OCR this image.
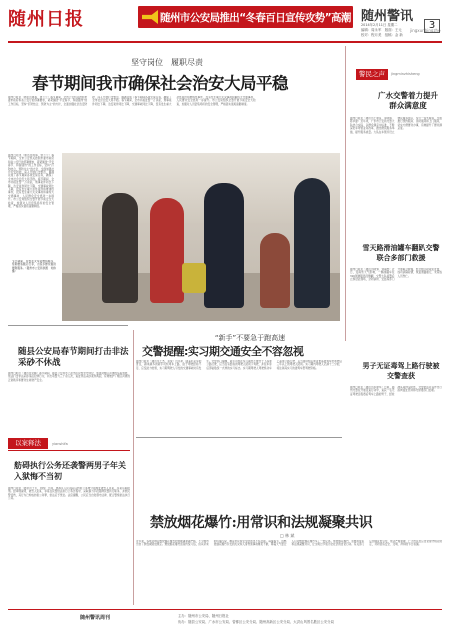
随州日报	随州市公安局推出“冬春百日宣传攻势”高潮 随州警讯
jingxunbingzhe
2014年2月11日 星期二
编辑：周永军　版面：王元
校对：程月美　组稿：金 新
3
坚守岗位　履职尽责
春节期间我市确保社会治安大局平稳
随州日报讯（通讯员周承、曾兰兰）春节期间，全市公安机关按照市委市政府和省公安厅的部署要求，紧紧围绕“平安春节、和谐随州”的工作目标，坚持“打防结合、预防为主”的方针，全面加强社会治安防控，深入开展打击整治，圆满完成了春节期间各项安保任务，确保了全市社会治安大局平稳。春节期间，全市共接处警一万余起，刑事案件同比下降，治安案件同比下降，交通事故同比下降，没有发生重大恶性案件和群体性事件，没有发生重大火灾事故和重特大交通事故，人民群众安全感进一步提升。市公安局组织全警开展节前安全大检查，加强对人员密集场所的安全管理，严格落实值班备勤制度。
随州日报讯（通讯员周承、曾兰兰）春节期间，全市公安机关按照市委市政府和省公安厅的部署要求，紧紧围绕“平安春节、和谐随州”的工作目标，坚持“打防结合、预防为主”的方针，全面加强社会治安防控，深入开展打击整治，圆满完成了春节期间各项安保任务，确保了全市社会治安大局平稳。春节期间，全市共接处警一万余起，刑事案件同比下降，治安案件同比下降，交通事故同比下降，没有发生重大恶性案件和群体性事件，没有发生重大火灾事故和重特大交通事故，人民群众安全感进一步提升。市公安局组织全警开展节前安全大检查，加强对人员密集场所的安全管理，严格落实值班备勤制度。
节日期间，民警在火车站维持秩序，帮助旅客搬运行李，为返乡群众提供便利服务。（随州市公安局供图　刘伟 摄）
随县公安局春节期间打击非法采砂不休战
随州日报讯（通讯员吴静）春节期间，随县公安局水上派出所民警坚守岗位，加强对辖区河道的巡查管控，依法打击非法采砂违法犯罪行为，共出动警力三十余人次，查处非法采砂案件两起，有效维护了辖区河道的正常秩序和群众生命财产安全。
“新手”不要急于跑高速
交警提醒:实习期交通安全不容忽视
随州日报讯（通讯员王杰、李成）近年来，随着私家车的普及，越来越多的新手司机驾车上路，由于驾驶经验不足、应变能力较弱，实习期驾驶人引发的交通事故时有发生。交警部门提醒，新手司机在实习期内不要急于上高速公路行驶，应当在有经验的驾驶人陪同下驾驶，并在车身后部粘贴统一式样的实习标志。实习期驾驶人驾驶机动车上高速公路行驶，应当由持相应或者更高准驾车型驾驶证三年以上的驾驶人陪同。实习期内驾驶人记满十二分的，将注销其实习的准驾车型驾驶资格。
警民之声	jingminzhisheng
广水交警着力提升群众满意度
随州日报讯（通讯员王唐良、李明辉、陈华建）近年来，广水市公安局交警大队结合实际，以群众满意为标准，不断深化车驾管业务改革，推出便民服务举措，提升服务质量。大队在车管所设立便民服务窗口，实行一站式服务，全面推行预约服务、延时服务和上门服务，切实方便群众办事，有效提升了群众满意度。
雪天路滑油罐车翻趴交警联合多部门救援
随州日报讯（通讯员明黎、刘丽姣）近日，受雨雪天气影响，一辆油罐车在316国道随县段侧翻，交警大队接警后立即赶赴现场，会同消防、安监等部门开展联合救援，经过数小时紧张处置，成功消除险情，恢复道路通行，未造成人员伤亡。
男子无证毒驾上路行驶被交警查获
随州日报讯（通讯员李建华）日前，随州交警在开展夜查行动中，查获一名无证驾驶且吸毒后驾车上路的男子，经检测其尿样呈阳性，交警依法对其作出行政拘留处罚并移交禁毒部门处理。
以案释法	yianshifa
舫碍执行公务还袭警两男子年关入狱悔不当初
随州日报讯（通讯员王芳、刘成）日前，曾都区人民法院以妨害公务罪分别判处被告人张某、李某有期徒刑。经审理查明，被告人张某、李某在民警依法执行公务过程中，采取暴力手段阻碍民警执行职务，并致民警受伤，其行为已构成妨害公务罪，依法应予惩处。法官提醒，公民应当自觉遵守法律，配合警察依法执行公务。
禁放烟花爆竹:用常识和法规凝聚共识
□ 林 斌
近年来，各地对城区燃放烟花爆竹的管理越来越严格，不少城市出台了禁放或限放规定。燃放烟花爆竹虽是传统习俗，但其带来的环境污染、噪音扰民和安全隐患也不容忽视。每逢春节，因燃放烟花爆竹引发的火灾和人身伤害事故屡见不鲜，雾霾天气更让人们对燃放烟花爆竹多了一份反思。禁放烟花爆竹，需要用常识和法规凝聚共识，让文明过节成为全社会的自觉行动。有关部门应加强宣传引导，依法严格管理，广大市民也应自觉遵守相关规定，共同营造安全、文明、祥和的节日氛围。
随州警讯周刊	主办：随州市公安局、随州日报社
协办：随县公安局、广水市公安局、曾都区公安分局、随州高新区公安分局、大洪山风景名胜区公安分局
